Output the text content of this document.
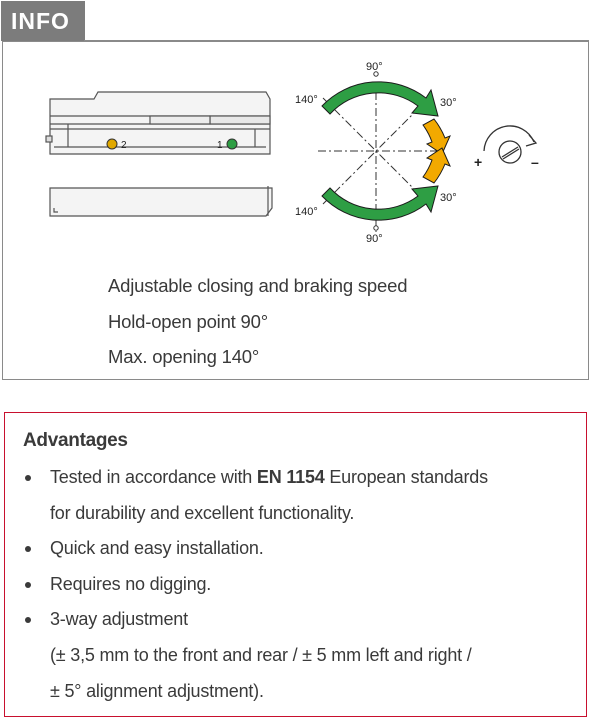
INFO
2	1
90°
90°
140°
140°
30°
30°
+	–
Adjustable closing and braking speed
Hold-open point 90°
Max. opening 140°
Advantages
Tested in accordance with EN 1154 European standards
for durability and excellent functionality.
Quick and easy installation.
Requires no digging.
3-way adjustment
(± 3,5 mm to the front and rear / ± 5 mm left and right /
± 5° alignment adjustment).
